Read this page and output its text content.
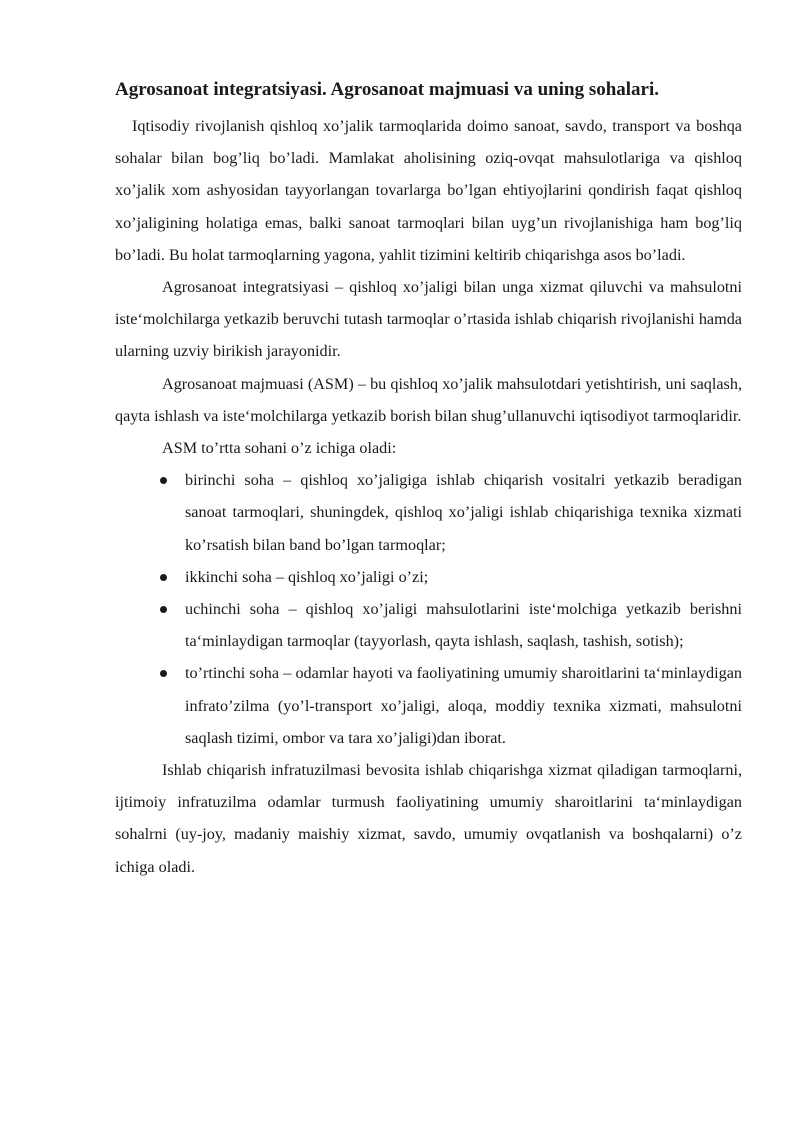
Agrosanoat integratsiyasi. Agrosanoat majmuasi va uning sohalari.

Iqtisodiy rivojlanish qishloq xo’jalik tarmoqlarida doimo sanoat, savdo, transport va boshqa sohalar bilan bog’liq bo’ladi. Mamlakat aholisining oziq-ovqat mahsulotlariga va qishloq xo’jalik xom ashyosidan tayyorlangan tovarlarga bo’lgan ehtiyojlarini qondirish faqat qishloq xo’jaligining holatiga emas, balki sanoat tarmoqlari bilan uyg’un rivojlanishiga ham bog’liq bo’ladi. Bu holat tarmoqlarning yagona, yahlit tizimini keltirib chiqarishga asos bo’ladi.

Agrosanoat integratsiyasi – qishloq xo’jaligi bilan unga xizmat qiluvchi va mahsulotni iste‘molchilarga yetkazib beruvchi tutash tarmoqlar o’rtasida ishlab chiqarish rivojlanishi hamda ularning uzviy birikish jarayonidir.

Agrosanoat majmuasi (ASM) – bu qishloq xo’jalik mahsulotdari yetishtirish, uni saqlash, qayta ishlash va iste‘molchilarga yetkazib borish bilan shug’ullanuvchi iqtisodiyot tarmoqlaridir.

ASM to’rtta sohani o’z ichiga oladi:

birinchi soha – qishloq xo’jaligiga ishlab chiqarish vositalri yetkazib beradigan sanoat tarmoqlari, shuningdek, qishloq xo’jaligi ishlab chiqarishiga texnika xizmati ko’rsatish bilan band bo’lgan tarmoqlar;
ikkinchi soha – qishloq xo’jaligi o’zi;
uchinchi soha – qishloq xo’jaligi mahsulotlarini iste‘molchiga yetkazib berishni ta‘minlaydigan tarmoqlar (tayyorlash, qayta ishlash, saqlash, tashish, sotish);
to’rtinchi soha – odamlar hayoti va faoliyatining umumiy sharoitlarini ta‘minlaydigan infrato’zilma (yo’l-transport xo’jaligi, aloqa, moddiy texnika xizmati, mahsulotni saqlash tizimi, ombor va tara xo’jaligi)dan iborat.

Ishlab chiqarish infratuzilmasi bevosita ishlab chiqarishga xizmat qiladigan tarmoqlarni, ijtimoiy infratuzilma odamlar turmush faoliyatining umumiy sharoitlarini ta‘minlaydigan sohalrni (uy-joy, madaniy maishiy xizmat, savdo, umumiy ovqatlanish va boshqalarni) o’z ichiga oladi.
